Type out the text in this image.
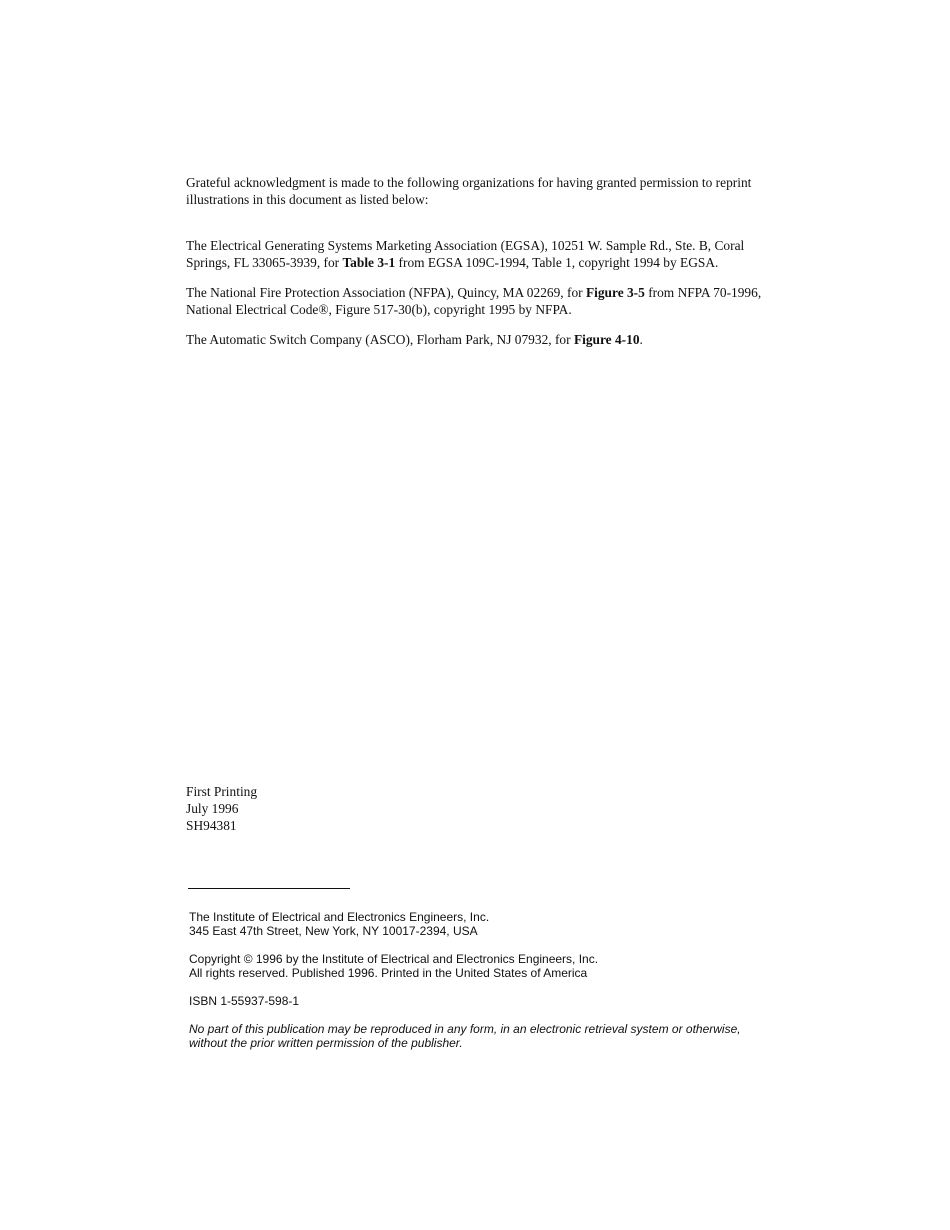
Grateful acknowledgment is made to the following organizations for having granted permission to reprint illustrations in this document as listed below:

The Electrical Generating Systems Marketing Association (EGSA), 10251 W. Sample Rd., Ste. B, Coral Springs, FL 33065-3939, for Table 3-1 from EGSA 109C-1994, Table 1, copyright 1994 by EGSA.

The National Fire Protection Association (NFPA), Quincy, MA 02269, for Figure 3-5 from NFPA 70-1996, National Electrical Code®, Figure 517-30(b), copyright 1995 by NFPA.

The Automatic Switch Company (ASCO), Florham Park, NJ 07932, for Figure 4-10.

First Printing
July 1996
SH94381
The Institute of Electrical and Electronics Engineers, Inc.
345 East 47th Street, New York, NY 10017-2394, USA
Copyright © 1996 by the Institute of Electrical and Electronics Engineers, Inc.
All rights reserved. Published 1996. Printed in the United States of America
ISBN 1-55937-598-1
No part of this publication may be reproduced in any form, in an electronic retrieval system or otherwise,
without the prior written permission of the publisher.
